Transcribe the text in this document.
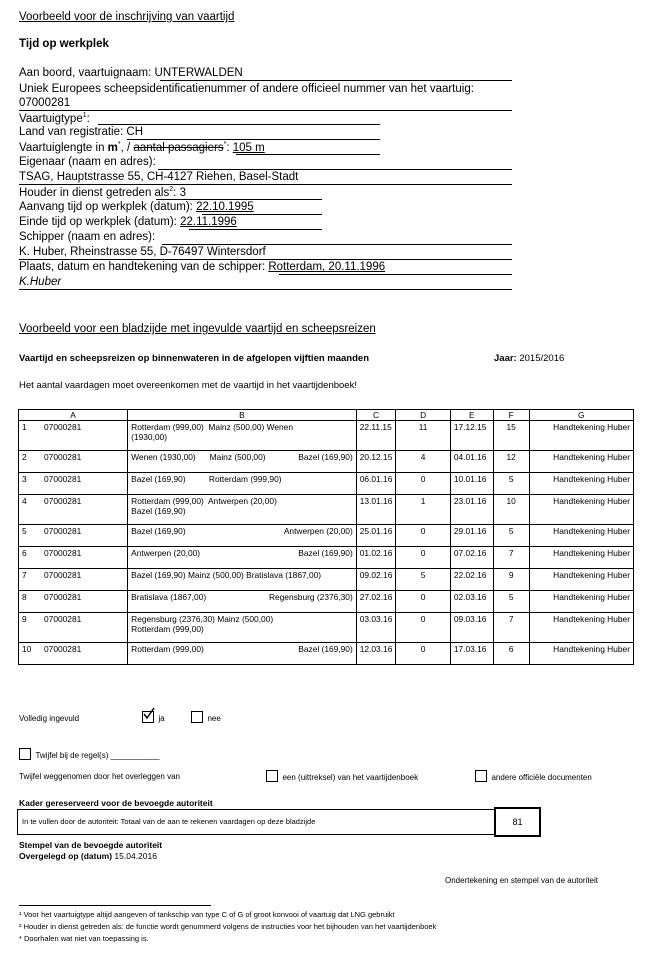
Voorbeeld voor de inschrijving van vaartijd
Tijd op werkplek
Aan boord, vaartuignaam: UNTERWALDEN
Uniek Europees scheepsidentificatienummer of andere officieel nummer van het vaartuig:
07000281
Vaartuigtype$^1$:
Land van registratie: CH
Vaartuiglengte in m*, / aantal passagiers*: 105 m
Eigenaar (naam en adres):
TSAG, Hauptstrasse 55, CH-4127 Riehen, Basel-Stadt
Houder in dienst getreden als$^2$: 3
Aanvang tijd op werkplek (datum): 22.10.1995
Einde tijd op werkplek (datum): 22.11.1996
Schipper (naam en adres):
K. Huber, Rheinstrasse 55, D-76497 Wintersdorf
Plaats, datum en handtekening van de schipper: Rotterdam, 20.11.1996
K.Huber
Voorbeeld voor een bladzijde met ingevulde vaartijd en scheepsreizen
Vaartijd en scheepsreizen op binnenwateren in de afgelopen vijftien maanden	Jaar: 2015/2016
Het aantal vaardagen moet overeenkomen met de vaartijd in het vaartijdenboek!
A	B	C	D	E	F	G
1 07000281	Rotterdam (999,00)  Mainz (500,00) Wenen
(1930,00)	22.11.15	11	17.12.15	15	Handtekening Huber
2 07000281	Wenen (1930,00)      Mainz (500,00) Bazel (169,90)	20.12.15	4	04.01.16	12	Handtekening Huber
3 07000281	Bazel (169,90)          Rotterdam (999,90)	06.01.16	0	10.01.16	5	Handtekening Huber
4 07000281	Rotterdam (999,00)  Antwerpen (20,00)
Bazel (169,90)	13.01.16	1	23.01.16	10	Handtekening Huber
5 07000281	Bazel (169,90) Antwerpen (20,00)	25.01.16	0	29.01.16	5	Handtekening Huber
6 07000281	Antwerpen (20,00) Bazel (169,90)	01.02.16	0	07.02.16	7	Handtekening Huber
7 07000281	Bazel (169,90) Mainz (500,00) Bratislava (1867,00)	09.02.16	5	22.02.16	9	Handtekening Huber
8 07000281	Bratislava (1867,00) Regensburg (2376,30)	27.02.16	0	02.03.16	5	Handtekening Huber
9 07000281	Regensburg (2376,30) Mainz (500,00)
Rotterdam (999,00)	03.03.16	0	09.03.16	7	Handtekening Huber
10 07000281	Rotterdam (999,00) Bazel (169,90)	12.03.16	0	17.03.16	6	Handtekening Huber
Volledig ingevuld	ja	nee
Twijfel bij de regel(s) ___________
Twijfel weggenomen door het overleggen van	een (uittreksel) van het vaartijdenboek	andere officiële documenten
Kader gereserveerd voor de bevoegde autoriteit
In te vullen door de autoriteit: Totaal van de aan te rekenen vaardagen op deze bladzijde	81
Stempel van de bevoegde autoriteit
Overgelegd op (datum) 15.04.2016
Ondertekening en stempel van de autoriteit
¹ Voor het vaartuigtype altijd aangeven of tankschip van type C of G of groot konvooi of vaartuig dat LNG gebruikt
² Houder in dienst getreden als: de functie wordt genummerd volgens de instructies voor het bijhouden van het vaartijdenboek
* Doorhalen wat niet van toepassing is.
